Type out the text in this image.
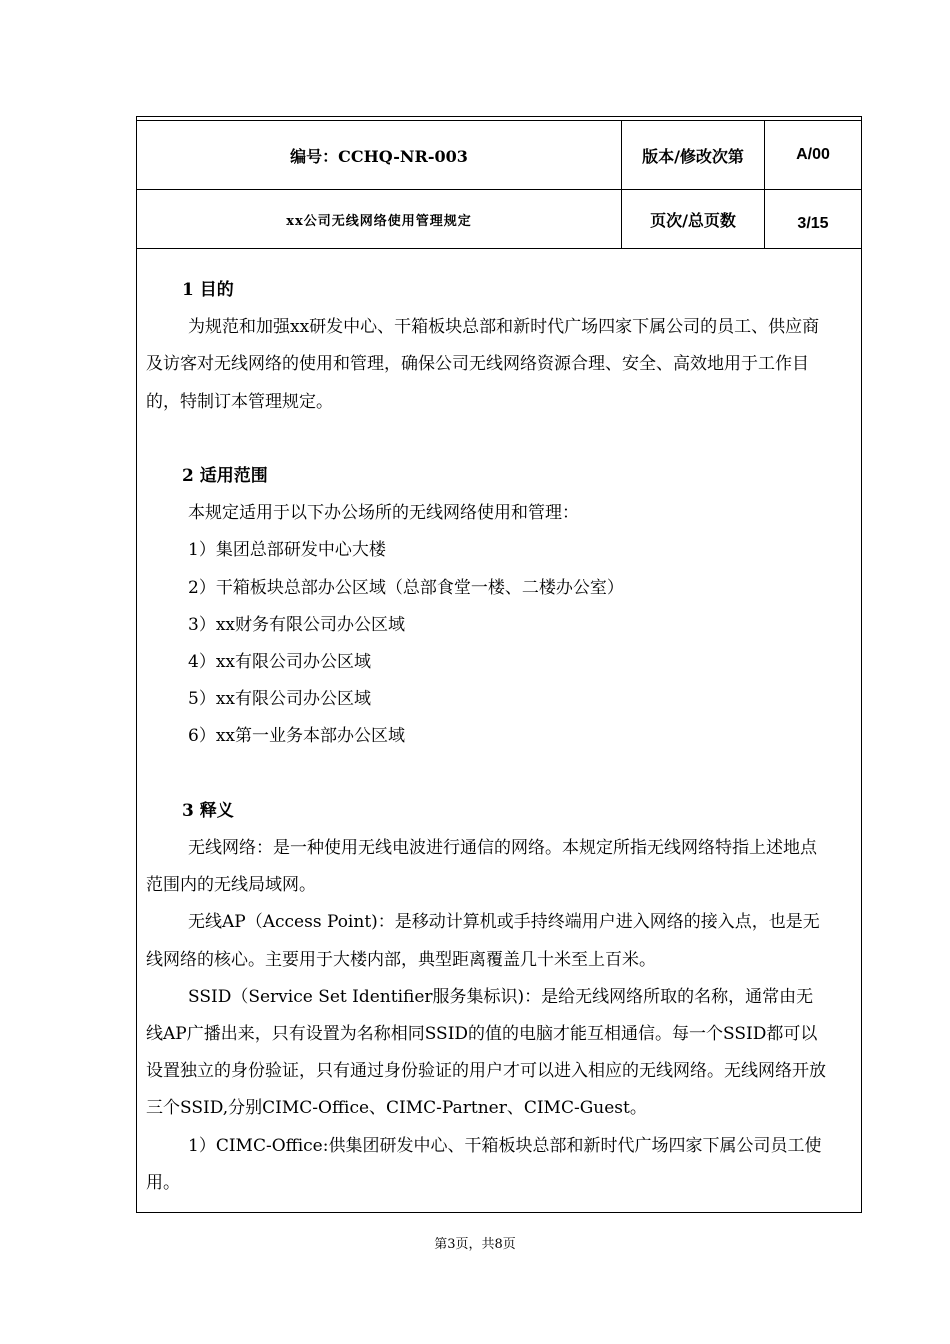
编号：CCHQ-NR-003	版本/修改次第	A/00
xx公司无线网络使用管理规定	页次/总页数	3/15

1 目的

为规范和加强xx研发中心、干箱板块总部和新时代广场四家下属公司的员工、供应商及访客对无线网络的使用和管理，确保公司无线网络资源合理、安全、高效地用于工作目的，特制订本管理规定。

2 适用范围

本规定适用于以下办公场所的无线网络使用和管理：

1）集团总部研发中心大楼

2）干箱板块总部办公区域（总部食堂一楼、二楼办公室）

3）xx财务有限公司办公区域

4）xx有限公司办公区域

5）xx有限公司办公区域

6）xx第一业务本部办公区域

3 释义

无线网络：是一种使用无线电波进行通信的网络。本规定所指无线网络特指上述地点范围内的无线局域网。

无线AP（Access Point)：是移动计算机或手持终端用户进入网络的接入点，也是无线网络的核心。主要用于大楼内部，典型距离覆盖几十米至上百米。

SSID（Service Set Identifier服务集标识)：是给无线网络所取的名称，通常由无线AP广播出来，只有设置为名称相同SSID的值的电脑才能互相通信。每一个SSID都可以设置独立的身份验证，只有通过身份验证的用户才可以进入相应的无线网络。无线网络开放三个SSID,分别CIMC-Office、CIMC-Partner、CIMC-Guest。

1）CIMC-Office:供集团研发中心、干箱板块总部和新时代广场四家下属公司员工使用。

第3页，共8页
